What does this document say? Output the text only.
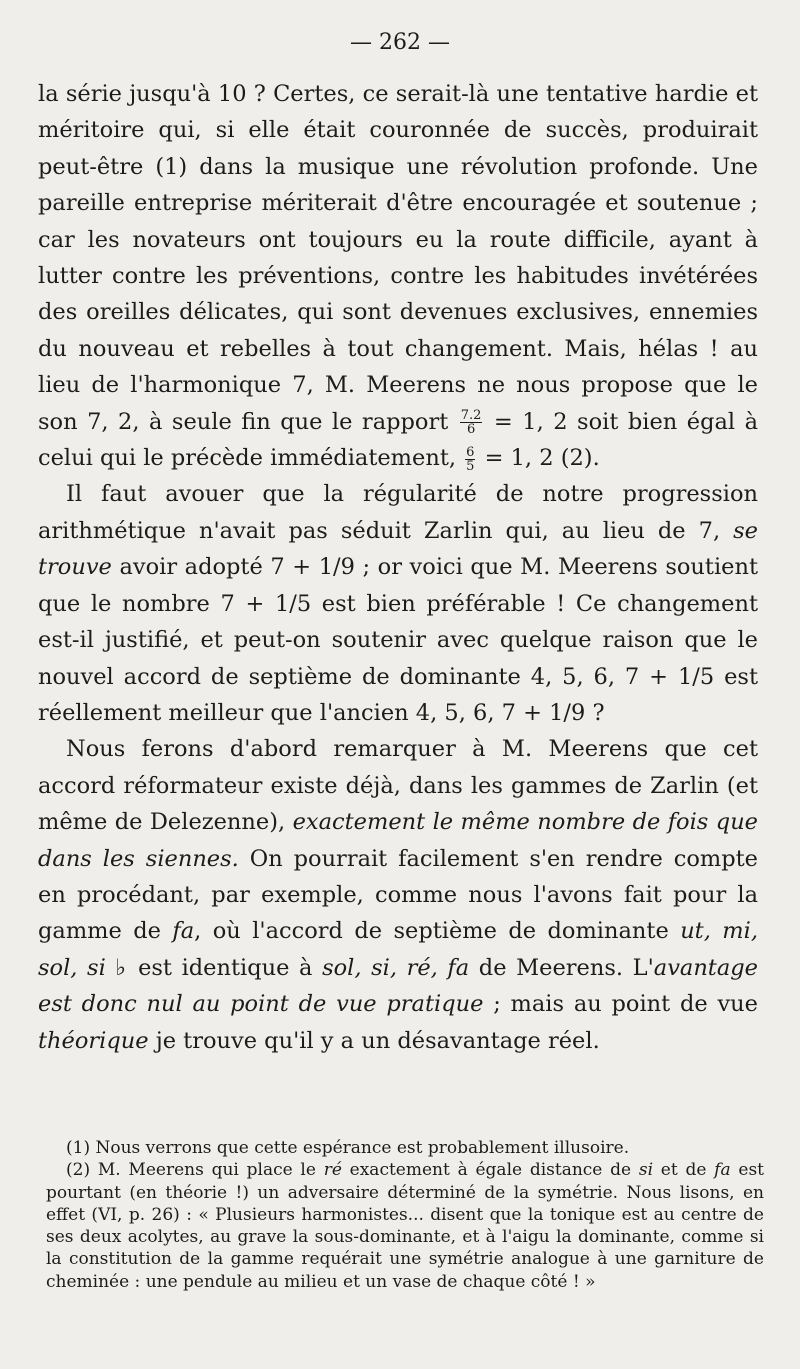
— 262 —

la série jusqu'à 10 ? Certes, ce serait-là une tentative hardie et méritoire qui, si elle était couronnée de succès, produirait peut-être (1) dans la musique une révolution profonde. Une pareille entreprise mériterait d'être encouragée et soutenue ; car les novateurs ont toujours eu la route difficile, ayant à lutter contre les préventions, contre les habitudes invétérées des oreilles délicates, qui sont devenues exclusives, ennemies du nouveau et rebelles à tout changement. Mais, hélas ! au lieu de l'harmonique 7, M. Meerens ne nous propose que le son 7, 2, à seule fin que le rapport $\frac{7.2}{6} = 1$, 2 soit bien égal à celui qui le précède immédiatement, $\frac{6}{5} = 1$, 2 (2).

Il faut avouer que la régularité de notre progression arithmétique n'avait pas séduit Zarlin qui, au lieu de 7, se trouve avoir adopté 7 + 1/9 ; or voici que M. Meerens soutient que le nombre 7 + 1/5 est bien préférable ! Ce changement est-il justifié, et peut-on soutenir avec quelque raison que le nouvel accord de septième de dominante 4, 5, 6, 7 + 1/5 est réellement meilleur que l'ancien 4, 5, 6, 7 + 1/9 ?

Nous ferons d'abord remarquer à M. Meerens que cet accord réformateur existe déjà, dans les gammes de Zarlin (et même de Delezenne), exactement le même nombre de fois que dans les siennes. On pourrait facilement s'en rendre compte en procédant, par exemple, comme nous l'avons fait pour la gamme de fa, où l'accord de septième de dominante ut, mi, sol, si ♭ est identique à sol, si, ré, fa de Meerens. L'avantage est donc nul au point de vue pratique ; mais au point de vue théorique je trouve qu'il y a un désavantage réel.

(1) Nous verrons que cette espérance est probablement illusoire.

(2) M. Meerens qui place le ré exactement à égale distance de si et de fa est pourtant (en théorie !) un adversaire déterminé de la symétrie. Nous lisons, en effet (VI, p. 26) : « Plusieurs harmonistes... disent que la tonique est au centre de ses deux acolytes, au grave la sous-dominante, et à l'aigu la dominante, comme si la constitution de la gamme requérait une symétrie analogue à une garniture de cheminée : une pendule au milieu et un vase de chaque côté ! »
